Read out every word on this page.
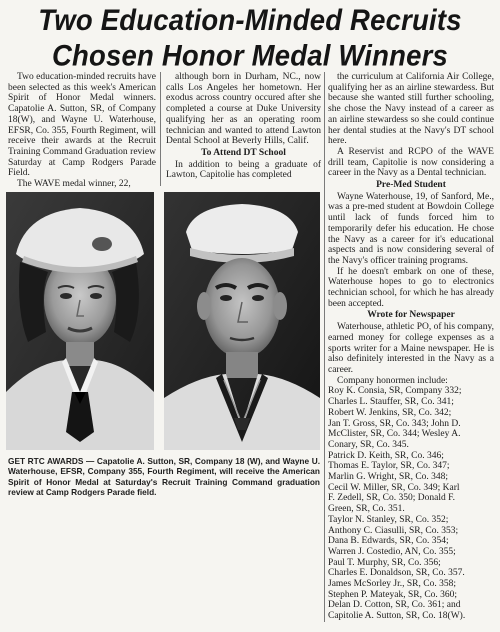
Two Education-Minded Recruits
Chosen Honor Medal Winners

Two education-minded recruits have been selected as this week's American Spirit of Honor Medal winners. Capatolie A. Sutton, SR, of Company 18(W), and Wayne U. Waterhouse, EFSR, Co. 355, Fourth Regiment, will receive their awards at the Recruit Training Command Graduation review Saturday at Camp Rodgers Parade Field.

The WAVE medal winner, 22,

although born in Durham, NC., now calls Los Angeles her hometown. Her exodus across country occured after she completed a course at Duke University qualifying her as an operating room technician and wanted to attend Lawton Dental School at Beverly Hills, Calif.

To Attend DT School

In addition to being a graduate of Lawton, Capitolie has completed

the curriculum at California Air College, qualifying her as an airline stewardess. But because she wanted still further schooling, she chose the Navy instead of a career as an airline stewardess so she could continue her dental studies at the Navy's DT school here.

A Reservist and RCPO of the WAVE drill team, Capitolie is now considering a career in the Navy as a Dental technician.

Pre-Med Student

Wayne Waterhouse, 19, of Sanford, Me., was a pre-med student at Bowdoin College until lack of funds forced him to temporarily defer his education. He chose the Navy as a career for it's educational aspects and is now considering several of the Navy's officer training programs.

If he doesn't embark on one of these, Waterhouse hopes to go to electronics technician school, for which he has already been accepted.

Wrote for Newspaper

Waterhouse, athletic PO, of his company, earned money for college expenses as a sports writer for a Maine newspaper. He is also definitely interested in the Navy as a career.

Company honormen include:

Roy K. Consia, SR, Company 332;
Charles L. Stauffer, SR, Co. 341;
Robert W. Jenkins, SR, Co. 342;
Jan T. Gross, SR, Co. 343; John D.
McClister, SR, Co. 344; Wesley A.
Conary, SR, Co. 345.
Patrick D. Keith, SR, Co. 346;
Thomas E. Taylor, SR, Co. 347;
Marlin G. Wright, SR, Co. 348;
Cecil W. Miller, SR, Co. 349; Karl
F. Zedell, SR, Co. 350; Donald F.
Green, SR, Co. 351.
Taylor N. Stanley, SR, Co. 352;
Anthony C. Ciasulli, SR, Co. 353;
Dana B. Edwards, SR, Co. 354;
Warren J. Costedio, AN, Co. 355;
Paul T. Murphy, SR, Co. 356;
Charles E. Donaldson, SR, Co. 357.
James McSorley Jr., SR, Co. 358;
Stephen P. Mateyak, SR, Co. 360;
Delan D. Cotton, SR, Co. 361; and
Capitolie A. Sutton, SR, Co. 18(W).
GET RTC AWARDS — Capatolie A. Sutton, SR, Company 18 (W), and Wayne U. Waterhouse, EFSR, Company 355, Fourth Regiment, will receive the American Spirit of Honor Medal at Saturday's Recruit Training Command graduation review at Camp Rodgers Parade field.
